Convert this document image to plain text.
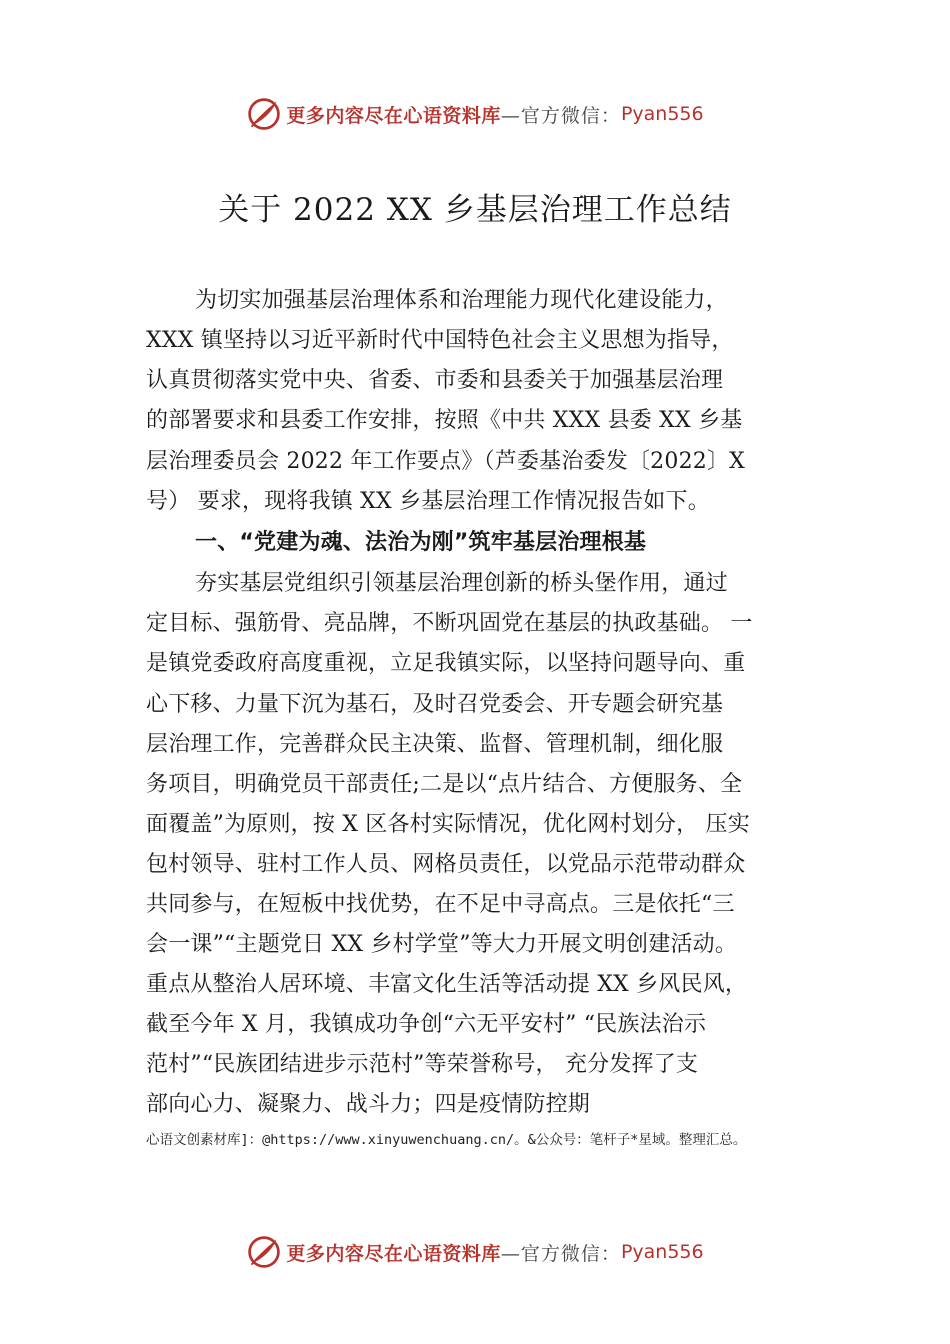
更多内容尽在心语资料库 —官方微信： Pyan556
关于 2022 XX 乡基层治理工作总结

为切实加强基层治理体系和治理能力现代化建设能力，

XXX 镇坚持以习近平新时代中国特色社会主义思想为指导，

认真贯彻落实党中央、省委、市委和县委关于加强基层治理

的部署要求和县委工作安排，按照《中共 XXX 县委 XX 乡基

层治理委员会 2022 年工作要点》（芦委基治委发〔2022〕X

号） 要求，现将我镇 XX 乡基层治理工作情况报告如下。

一、“党建为魂、法治为刚”筑牢基层治理根基

夯实基层党组织引领基层治理创新的桥头堡作用，通过

定目标、强筋骨、亮品牌，不断巩固党在基层的执政基础。 一

是镇党委政府高度重视，立足我镇实际，以坚持问题导向、重

心下移、力量下沉为基石，及时召党委会、开专题会研究基

层治理工作，完善群众民主决策、监督、管理机制，细化服

务项目，明确党员干部责任;二是以“点片结合、方便服务、全

面覆盖”为原则，按 X 区各村实际情况，优化网村划分， 压实

包村领导、驻村工作人员、网格员责任，以党品示范带动群众

共同参与，在短板中找优势，在不足中寻高点。三是依托“三

会一课”“主题党日 XX 乡村学堂”等大力开展文明创建活动。

重点从整治人居环境、丰富文化生活等活动提 XX 乡风民风，

截至今年 X 月，我镇成功争创“六无平安村” “民族法治示

范村”“民族团结进步示范村”等荣誉称号， 充分发挥了支

部向心力、凝聚力、战斗力；四是疫情防控期

心语文创素材库]：@https://www.xinyuwenchuang.cn/。&公众号：笔杆子*星域。整理汇总。

更多内容尽在心语资料库 —官方微信： Pyan556
